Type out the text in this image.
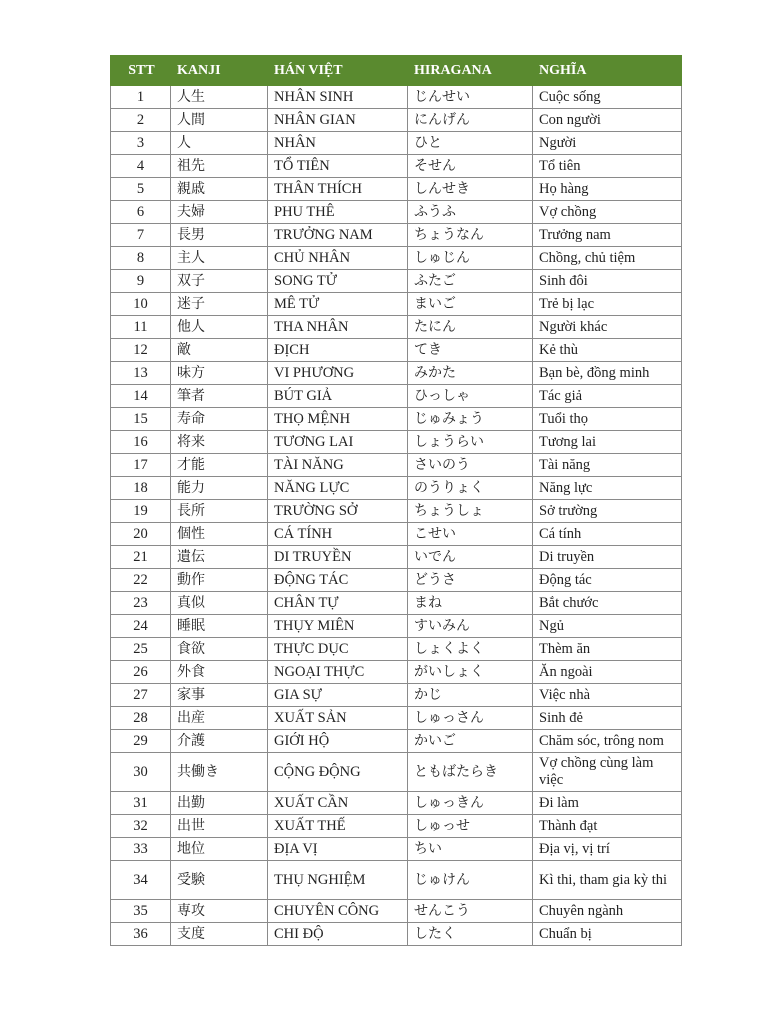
STT	KANJI	HÁN VIỆT	HIRAGANA	NGHĨA
1	人生	NHÂN SINH	じんせい	Cuộc sống
2	人間	NHÂN GIAN	にんげん	Con người
3	人	NHÂN	ひと	Người
4	祖先	TỔ TIÊN	そせん	Tổ tiên
5	親戚	THÂN THÍCH	しんせき	Họ hàng
6	夫婦	PHU THÊ	ふうふ	Vợ chồng
7	長男	TRƯỞNG NAM	ちょうなん	Trưởng nam
8	主人	CHỦ NHÂN	しゅじん	Chồng, chủ tiệm
9	双子	SONG TỬ	ふたご	Sinh đôi
10	迷子	MÊ TỬ	まいご	Trẻ bị lạc
11	他人	THA NHÂN	たにん	Người khác
12	敵	ĐỊCH	てき	Kẻ thù
13	味方	VI PHƯƠNG	みかた	Bạn bè, đồng minh
14	筆者	BÚT GIẢ	ひっしゃ	Tác giả
15	寿命	THỌ MỆNH	じゅみょう	Tuổi thọ
16	将来	TƯƠNG LAI	しょうらい	Tương lai
17	才能	TÀI NĂNG	さいのう	Tài năng
18	能力	NĂNG LỰC	のうりょく	Năng lực
19	長所	TRƯỜNG SỞ	ちょうしょ	Sở trường
20	個性	CÁ TÍNH	こせい	Cá tính
21	遺伝	DI TRUYỀN	いでん	Di truyền
22	動作	ĐỘNG TÁC	どうさ	Động tác
23	真似	CHÂN TỰ	まね	Bắt chước
24	睡眠	THỤY MIÊN	すいみん	Ngủ
25	食欲	THỰC DỤC	しょくよく	Thèm ăn
26	外食	NGOẠI THỰC	がいしょく	Ăn ngoài
27	家事	GIA SỰ	かじ	Việc nhà
28	出産	XUẤT SẢN	しゅっさん	Sinh đẻ
29	介護	GIỚI HỘ	かいご	Chăm sóc, trông nom
30	共働き	CỘNG ĐỘNG	ともばたらき	Vợ chồng cùng làm việc
31	出勤	XUẤT CẦN	しゅっきん	Đi làm
32	出世	XUẤT THẾ	しゅっせ	Thành đạt
33	地位	ĐỊA VỊ	ちい	Địa vị, vị trí
34	受験	THỤ NGHIỆM	じゅけん	Kì thi, tham gia kỳ thi
35	専攻	CHUYÊN CÔNG	せんこう	Chuyên ngành
36	支度	CHI ĐỘ	したく	Chuẩn bị
